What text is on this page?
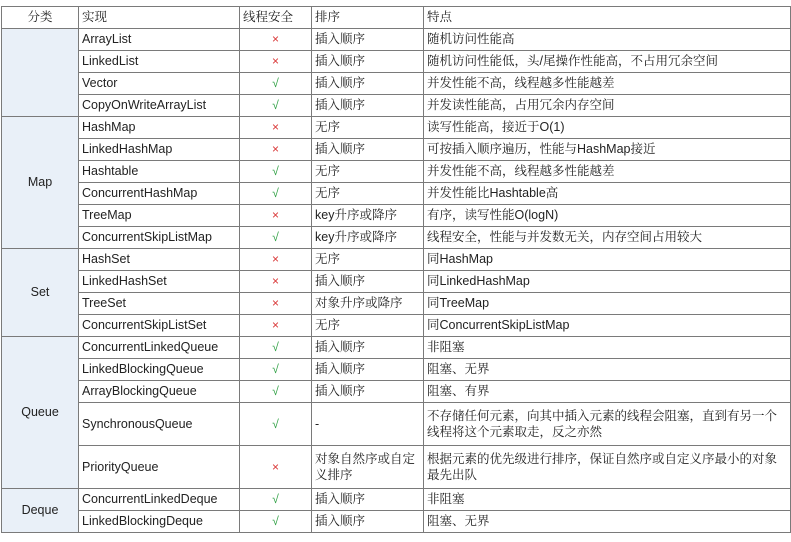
分类	实现	线程安全	排序	特点
	ArrayList	×	插入顺序	随机访问性能高
	LinkedList	×	插入顺序	随机访问性能低，头/尾操作性能高，不占用冗余空间
	Vector	√	插入顺序	并发性能不高，线程越多性能越差
	CopyOnWriteArrayList	√	插入顺序	并发读性能高，占用冗余内存空间
Map	HashMap	×	无序	读写性能高，接近于O(1)
	LinkedHashMap	×	插入顺序	可按插入顺序遍历，性能与HashMap接近
	Hashtable	√	无序	并发性能不高，线程越多性能越差
	ConcurrentHashMap	√	无序	并发性能比Hashtable高
	TreeMap	×	key升序或降序	有序，读写性能O(logN)
	ConcurrentSkipListMap	√	key升序或降序	线程安全，性能与并发数无关，内存空间占用较大
Set	HashSet	×	无序	同HashMap
	LinkedHashSet	×	插入顺序	同LinkedHashMap
	TreeSet	×	对象升序或降序	同TreeMap
	ConcurrentSkipListSet	×	无序	同ConcurrentSkipListMap
Queue	ConcurrentLinkedQueue	√	插入顺序	非阻塞
	LinkedBlockingQueue	√	插入顺序	阻塞、无界
	ArrayBlockingQueue	√	插入顺序	阻塞、有界
	SynchronousQueue	√	-	不存储任何元素，向其中插入元素的线程会阻塞，直到有另一个线程将这个元素取走，反之亦然
	PriorityQueue	×	对象自然序或自定义排序	根据元素的优先级进行排序，保证自然序或自定义序最小的对象最先出队
Deque	ConcurrentLinkedDeque	√	插入顺序	非阻塞
	LinkedBlockingDeque	√	插入顺序	阻塞、无界
